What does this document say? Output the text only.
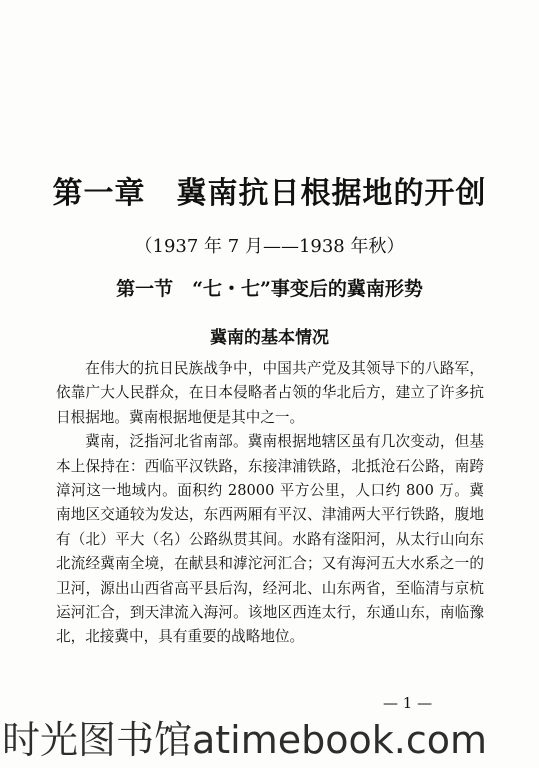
第一章　冀南抗日根据地的开创
（1937 年 7 月——1938 年秋）
第一节　“七・七”事变后的冀南形势
冀南的基本情况

在伟大的抗日民族战争中，中国共产党及其领导下的八路军，依靠广大人民群众，在日本侵略者占领的华北后方，建立了许多抗日根据地。冀南根据地便是其中之一。

冀南，泛指河北省南部。冀南根据地辖区虽有几次变动，但基本上保持在：西临平汉铁路，东接津浦铁路，北抵沧石公路，南跨漳河这一地域内。面积约 28000 平方公里，人口约 800 万。冀南地区交通较为发达，东西两厢有平汉、津浦两大平行铁路，腹地有（北）平大（名）公路纵贯其间。水路有滏阳河，从太行山向东北流经冀南全境，在献县和滹沱河汇合；又有海河五大水系之一的卫河，源出山西省高平县后沟，经河北、山东两省，至临清与京杭运河汇合，到天津流入海河。该地区西连太行，东通山东，南临豫北，北接冀中，具有重要的战略地位。

— 1 —
时光图书馆atimebook.com
